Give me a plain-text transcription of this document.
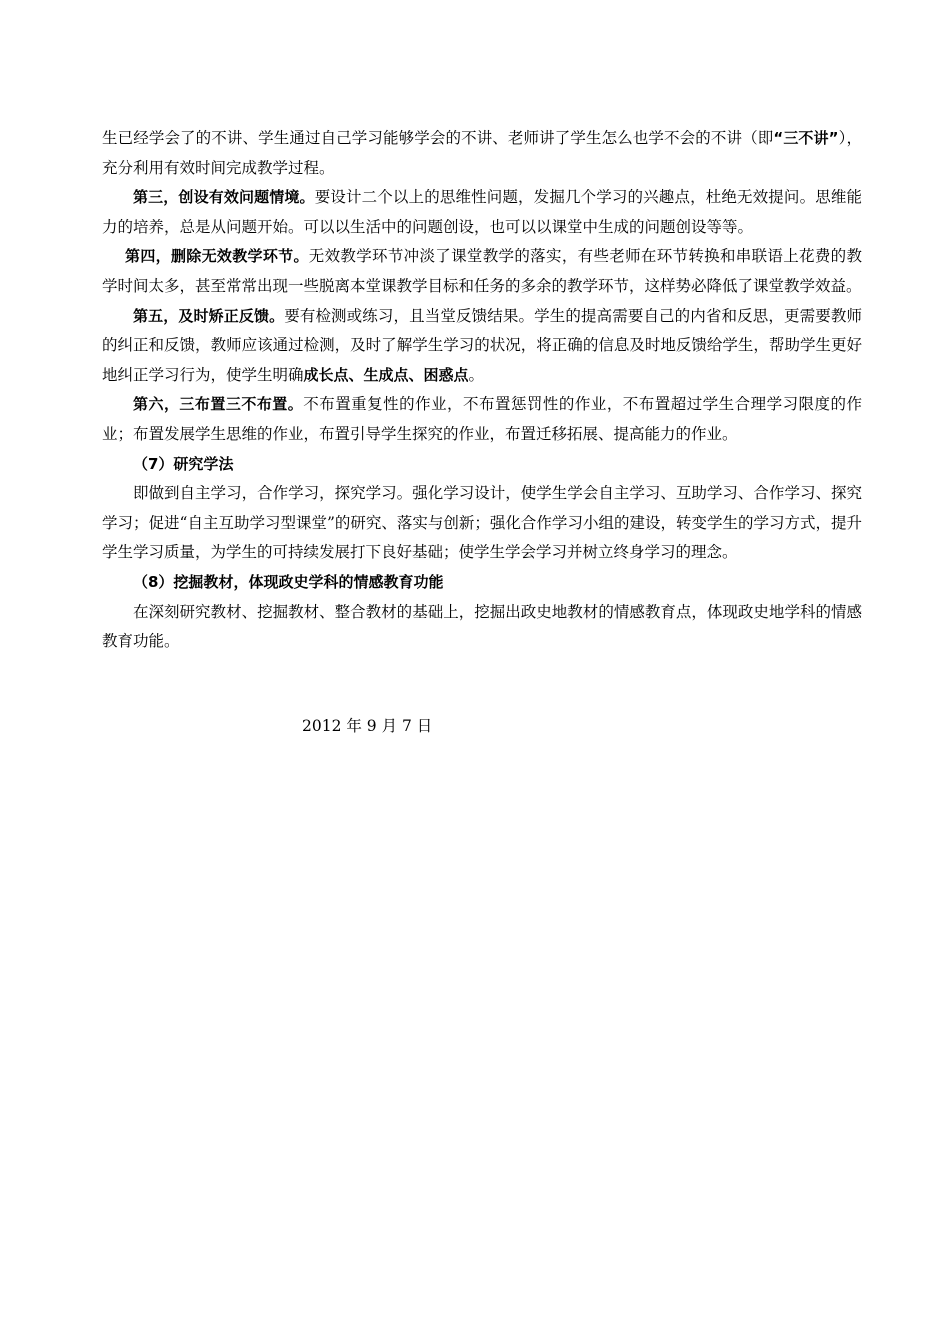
生已经学会了的不讲、学生通过自己学习能够学会的不讲、老师讲了学生怎么也学不会的不讲（即“三不讲”），充分利用有效时间完成教学过程。

第三，创设有效问题情境。要设计二个以上的思维性问题，发掘几个学习的兴趣点，杜绝无效提问。思维能力的培养，总是从问题开始。可以以生活中的问题创设，也可以以课堂中生成的问题创设等等。

第四，删除无效教学环节。无效教学环节冲淡了课堂教学的落实，有些老师在环节转换和串联语上花费的教学时间太多，甚至常常出现一些脱离本堂课教学目标和任务的多余的教学环节，这样势必降低了课堂教学效益。

第五，及时矫正反馈。要有检测或练习，且当堂反馈结果。学生的提高需要自己的内省和反思，更需要教师的纠正和反馈，教师应该通过检测，及时了解学生学习的状况，将正确的信息及时地反馈给学生，帮助学生更好地纠正学习行为，使学生明确成长点、生成点、困惑点。

第六，三布置三不布置。不布置重复性的作业，不布置惩罚性的作业，不布置超过学生合理学习限度的作业；布置发展学生思维的作业，布置引导学生探究的作业，布置迁移拓展、提高能力的作业。

（7）研究学法

即做到自主学习，合作学习，探究学习。强化学习设计，使学生学会自主学习、互助学习、合作学习、探究学习；促进“自主互助学习型课堂”的研究、落实与创新；强化合作学习小组的建设，转变学生的学习方式，提升学生学习质量，为学生的可持续发展打下良好基础；使学生学会学习并树立终身学习的理念。

（8）挖掘教材，体现政史学科的情感教育功能

在深刻研究教材、挖掘教材、整合教材的基础上，挖掘出政史地教材的情感教育点，体现政史地学科的情感教育功能。

2012 年 9 月 7 日
